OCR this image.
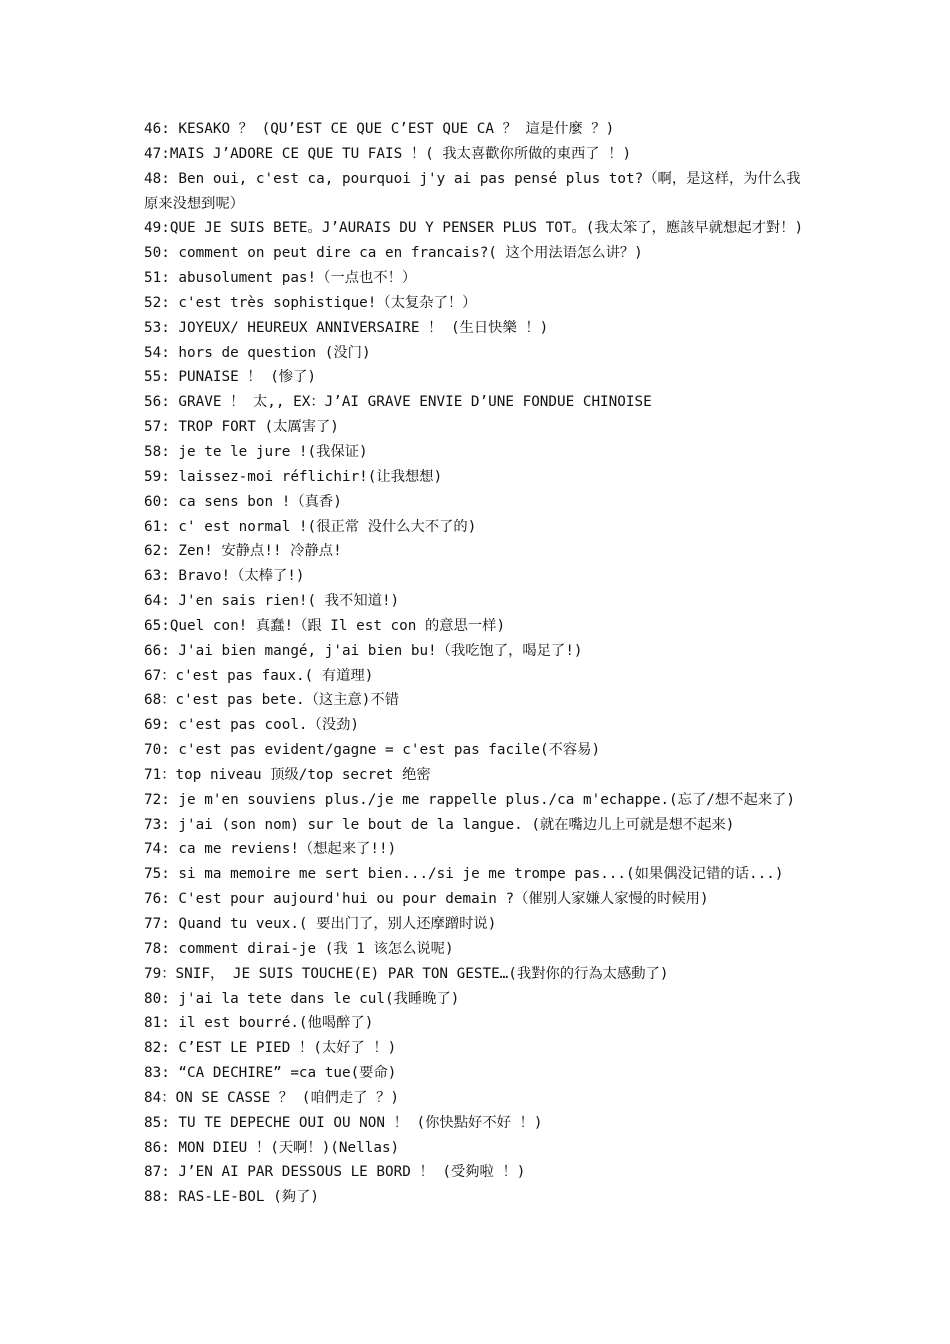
46: KESAKO ？ (QU’EST CE QUE C’EST QUE CA ？ 這是什麼 ？)
47:MAIS J’ADORE CE QUE TU FAIS ！( 我太喜歡你所做的東西了 ！)
48: Ben oui, c'est ca, pourquoi j'y ai pas pensé plus tot?（啊，是这样，为什么我原来没想到呢）
49:QUE JE SUIS BETE。J’AURAIS DU Y PENSER PLUS TOT。(我太笨了，應該早就想起才對！)
50: comment on peut dire ca en francais?( 这个用法语怎么讲？)
51: abusolument pas!（一点也不！）
52: c'est très sophistique!（太复杂了！）
53: JOYEUX/ HEUREUX ANNIVERSAIRE ！ (生日快樂 ！)
54: hors de question (没门)
55: PUNAISE ！ (惨了)
56: GRAVE ！ 太,, EX：J’AI GRAVE ENVIE D’UNE FONDUE CHINOISE
57: TROP FORT (太厲害了)
58: je te le jure !(我保证)
59: laissez-moi réflichir!(让我想想)
60: ca sens bon !（真香)
61: c' est normal !(很正常 没什么大不了的)
62: Zen! 安静点!! 冷静点!
63: Bravo!（太棒了!)
64: J'en sais rien!( 我不知道!)
65:Quel con! 真蠢!（跟 Il est con 的意思一样)
66: J'ai bien mangé, j'ai bien bu!（我吃饱了，喝足了!)
67：c'est pas faux.( 有道理)
68：c'est pas bete.（这主意)不错
69: c'est pas cool.（没劲)
70: c'est pas evident/gagne = c'est pas facile(不容易)
71：top niveau 顶级/top secret 绝密
72: je m'en souviens plus./je me rappelle plus./ca m'echappe.(忘了/想不起来了)
73: j'ai (son nom) sur le bout de la langue. (就在嘴边儿上可就是想不起来)
74: ca me reviens!（想起来了!!)
75: si ma memoire me sert bien.../si je me trompe pas...(如果偶没记错的话...)
76: C'est pour aujourd'hui ou pour demain ?（催别人家嫌人家慢的时候用)
77: Quand tu veux.( 要出门了，别人还摩蹭时说)
78: comment dirai-je (我 1 该怎么说呢)
79：SNIF， JE SUIS TOUCHE(E) PAR TON GESTE…(我對你的行為太感動了)
80: j'ai la tete dans le cul(我睡晚了)
81: il est bourré.(他喝醉了)
82: C’EST LE PIED ！(太好了 ！)
83: “CA DECHIRE” =ca tue(要命)
84：ON SE CASSE ？ (咱們走了 ？)
85: TU TE DEPECHE OUI OU NON ！ (你快點好不好 ！)
86: MON DIEU ！(天啊！)(Nellas)
87: J’EN AI PAR DESSOUS LE BORD ！ (受夠啦 ！)
88: RAS-LE-BOL (夠了)
